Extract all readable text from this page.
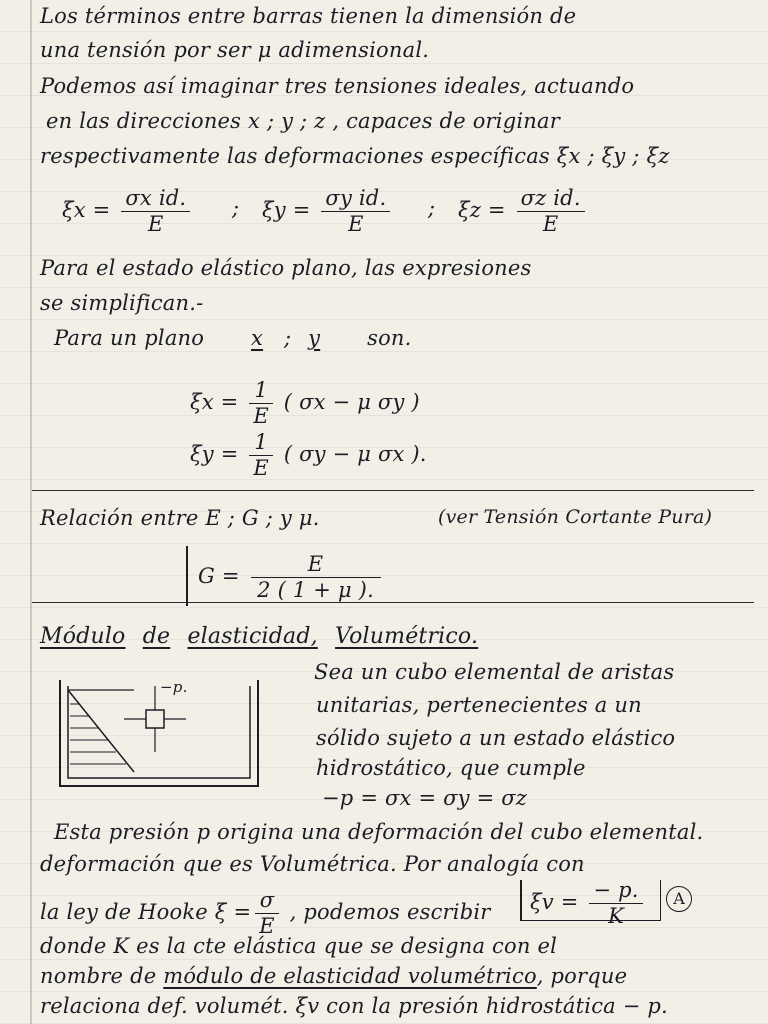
Los términos entre barras tienen la dimensión de
una tensión por ser μ adimensional.
Podemos así imaginar tres tensiones ideales, actuando
en las direcciones x ; y ; z , capaces de originar
respectivamente las deformaciones específicas ξx ; ξy ; ξz
$\xi x = \frac{\text{σx id.}}{E}$ ; $\xi y = \frac{\text{σy id.}}{E}$ ; $\xi z = \frac{\text{σz id.}}{E}$
Para el estado elástico plano, las expresiones
se simplifican.-
Para un plano x ; y son.
$\xi x = \frac{1}{E}$ ( σx − μ σy )
$\xi y = \frac{1}{E}$ ( σy − μ σx ).
Relación entre E ; G ; y μ.	(ver Tensión Cortante Pura)
$G = \frac{E}{2 ( 1 + \mu ).}$
Módulo de elasticidad, Volumétrico.
Sea un cubo elemental de aristas
unitarias, pertenecientes a un
sólido sujeto a un estado elástico
hidrostático, que cumple
−p = σx = σy = σz
−p.
Esta presión p origina una deformación del cubo elemental.
deformación que es Volumétrica. Por analogía con
la ley de Hooke $\xi = \frac{\sigma}{E}$ , podemos escribir $\xi v = \frac{- p.}{K}$	A
donde K es la cte elástica que se designa con el
nombre de módulo de elasticidad volumétrico, porque
relaciona def. volumét. ξv con la presión hidrostática − p.
